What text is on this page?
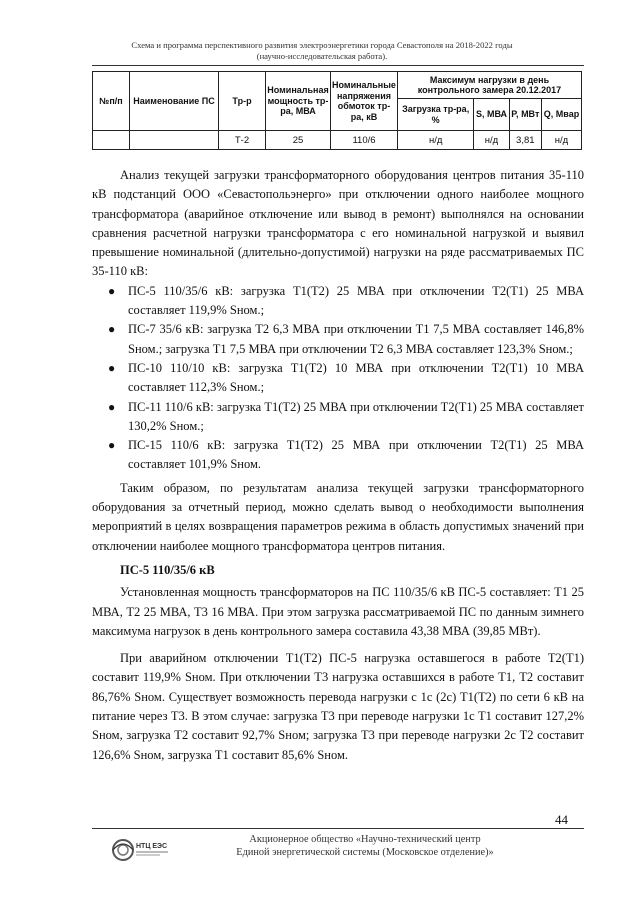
Схема и программа перспективного развития электроэнергетики города Севастополя на 2018-2022 годы
(научно-исследовательская работа).
№п/п	Наименование ПС	Тр-р	Номинальная мощность тр-ра, МВА	Номинальные напряжения обмоток тр-ра, кВ	Максимум нагрузки в день контрольного замера 20.12.2017			
					Загрузка тр-ра, %	S, МВА	P, МВт	Q, Мвар
		Т-2	25	110/6	н/д	н/д	3,81	н/д

Анализ текущей загрузки трансформаторного оборудования центров питания 35-110 кВ подстанций ООО «Севастопольэнерго» при отключении одного наиболее мощного трансформатора (аварийное отключение или вывод в ремонт) выполнялся на основании сравнения расчетной нагрузки трансформатора с его номинальной нагрузкой и выявил превышение номинальной (длительно-допустимой) нагрузки на ряде рассматриваемых ПС 35-110 кВ:

● ПС-5 110/35/6 кВ: загрузка Т1(Т2) 25 МВА при отключении Т2(Т1) 25 МВА составляет 119,9% Sном.;
● ПС-7 35/6 кВ: загрузка Т2 6,3 МВА при отключении Т1 7,5 МВА составляет 146,8% Sном.; загрузка Т1 7,5 МВА при отключении Т2 6,3 МВА составляет 123,3% Sном.;
● ПС-10 110/10 кВ: загрузка Т1(Т2) 10 МВА при отключении Т2(Т1) 10 МВА составляет 112,3% Sном.;
● ПС-11 110/6 кВ: загрузка Т1(Т2) 25 МВА при отключении Т2(Т1) 25 МВА составляет 130,2% Sном.;
● ПС-15 110/6 кВ: загрузка Т1(Т2) 25 МВА при отключении Т2(Т1) 25 МВА составляет 101,9% Sном.

Таким образом, по результатам анализа текущей загрузки трансформаторного оборудования за отчетный период, можно сделать вывод о необходимости выполнения мероприятий в целях возвращения параметров режима в область допустимых значений при отключении наиболее мощного трансформатора центров питания.

ПС-5 110/35/6 кВ

Установленная мощность трансформаторов на ПС 110/35/6 кВ ПС-5 составляет: Т1 25 МВА, Т2 25 МВА, Т3 16 МВА. При этом загрузка рассматриваемой ПС по данным зимнего максимума нагрузок в день контрольного замера составила 43,38 МВА (39,85 МВт).

При аварийном отключении Т1(Т2) ПС-5 нагрузка оставшегося в работе Т2(Т1) составит 119,9% Sном. При отключении Т3 нагрузка оставшихся в работе Т1, Т2 составит 86,76% Sном. Существует возможность перевода нагрузки с 1с (2с) Т1(Т2) по сети 6 кВ на питание через Т3. В этом случае: загрузка Т3 при переводе нагрузки 1с Т1 составит 127,2% Sном, загрузка Т2 составит 92,7% Sном; загрузка Т3 при переводе нагрузки 2с Т2 составит 126,6% Sном, загрузка Т1 составит 85,6% Sном.

44
НТЦ ЕЭС
Акционерное общество «Научно-технический центр
Единой энергетической системы (Московское отделение)»
